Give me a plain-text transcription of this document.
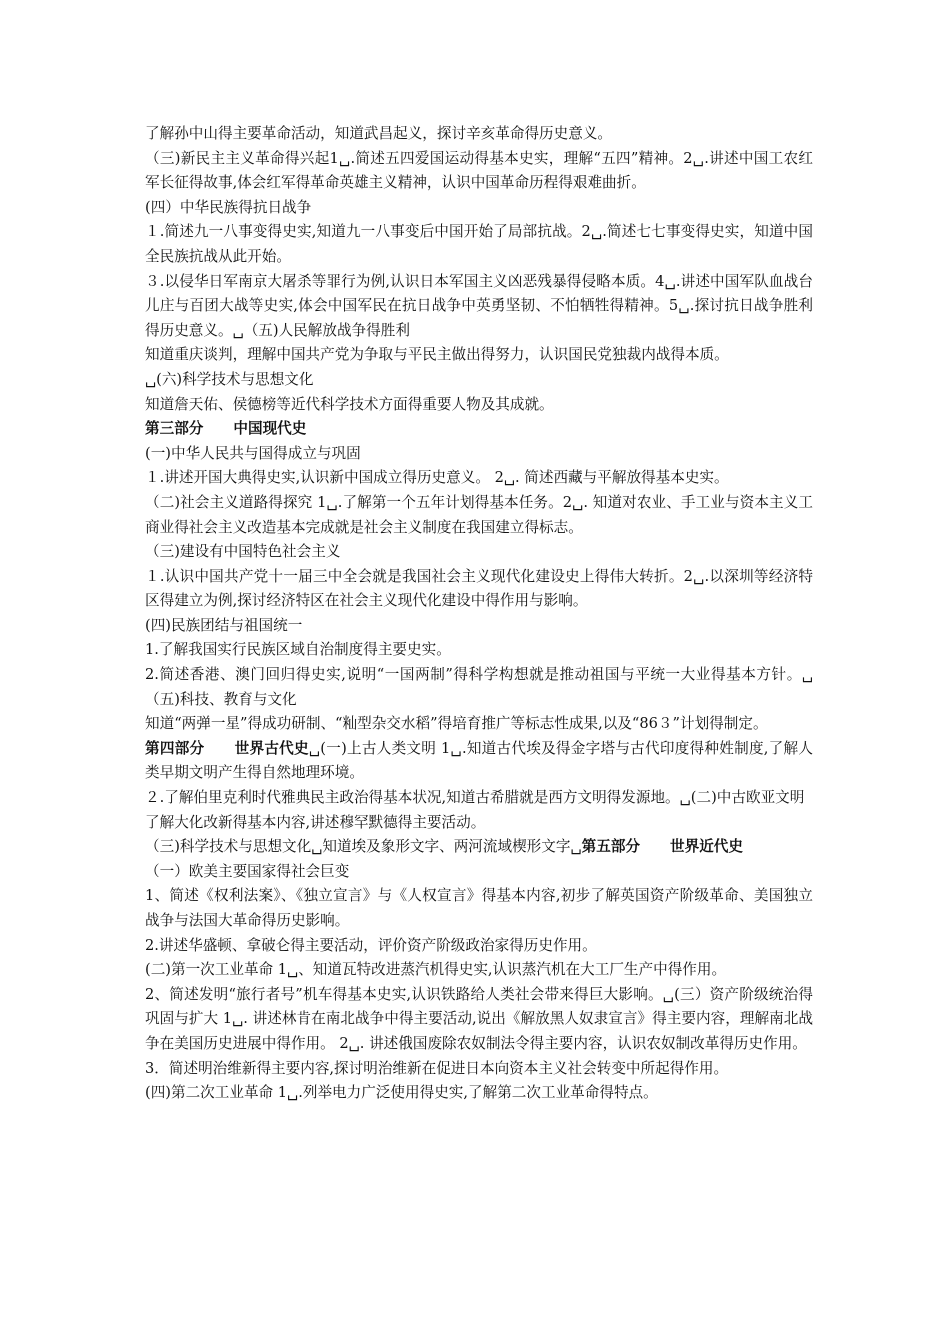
了解孙中山得主要革命活动，知道武昌起义，探讨辛亥革命得历史意义。

（三)新民主主义革命得兴起1␣.简述五四爱国运动得基本史实，理解“五四”精神。2␣.讲述中国工农红军长征得故事,体会红军得革命英雄主义精神，认识中国革命历程得艰难曲折。

(四）中华民族得抗日战争

１.简述九一八事变得史实,知道九一八事变后中国开始了局部抗战。2␣.简述七七事变得史实，知道中国全民族抗战从此开始。

３.以侵华日军南京大屠杀等罪行为例,认识日本军国主义凶恶残暴得侵略本质。4␣.讲述中国军队血战台儿庄与百团大战等史实,体会中国军民在抗日战争中英勇坚韧、不怕牺牲得精神。5␣.探讨抗日战争胜利得历史意义。␣（五)人民解放战争得胜利

知道重庆谈判，理解中国共产党为争取与平民主做出得努力，认识国民党独裁内战得本质。

␣(六)科学技术与思想文化

知道詹天佑、侯德榜等近代科学技术方面得重要人物及其成就。

第三部分 中国现代史

(一)中华人民共与国得成立与巩固

１.讲述开国大典得史实,认识新中国成立得历史意义。 2␣. 简述西藏与平解放得基本史实。

（二)社会主义道路得探究 1␣.了解第一个五年计划得基本任务。2␣. 知道对农业、手工业与资本主义工商业得社会主义改造基本完成就是社会主义制度在我国建立得标志。

（三)建设有中国特色社会主义

１.认识中国共产党十一届三中全会就是我国社会主义现代化建设史上得伟大转折。2␣.以深圳等经济特区得建立为例,探讨经济特区在社会主义现代化建设中得作用与影响。

(四)民族团结与祖国统一

1.了解我国实行民族区域自治制度得主要史实。

2.简述香港、澳门回归得史实,说明“一国两制”得科学构想就是推动祖国与平统一大业得基本方针。␣（五)科技、教育与文化

知道“两弹一星”得成功研制、“籼型杂交水稻”得培育推广等标志性成果,以及“86３”计划得制定。

第四部分 世界古代史␣(一)上古人类文明 1␣.知道古代埃及得金字塔与古代印度得种姓制度,了解人类早期文明产生得自然地理环境。

２.了解伯里克利时代雅典民主政治得基本状况,知道古希腊就是西方文明得发源地。␣(二)中古欧亚文明

了解大化改新得基本内容,讲述穆罕默德得主要活动。

（三)科学技术与思想文化␣知道埃及象形文字、两河流域楔形文字␣第五部分 世界近代史

（一）欧美主要国家得社会巨变

1、简述《权利法案》、《独立宣言》与《人权宣言》得基本内容,初步了解英国资产阶级革命、美国独立战争与法国大革命得历史影响。

2.讲述华盛顿、拿破仑得主要活动，评价资产阶级政治家得历史作用。

(二)第一次工业革命 1␣、知道瓦特改进蒸汽机得史实,认识蒸汽机在大工厂生产中得作用。

2、简述发明“旅行者号”机车得基本史实,认识铁路给人类社会带来得巨大影响。␣(三）资产阶级统治得巩固与扩大 1␣. 讲述林肯在南北战争中得主要活动,说出《解放黑人奴隶宣言》得主要内容，理解南北战争在美国历史进展中得作用。 2␣. 讲述俄国废除农奴制法令得主要内容，认识农奴制改革得历史作用。

3．简述明治维新得主要内容,探讨明治维新在促进日本向资本主义社会转变中所起得作用。

(四)第二次工业革命 1␣.列举电力广泛使用得史实,了解第二次工业革命得特点。
